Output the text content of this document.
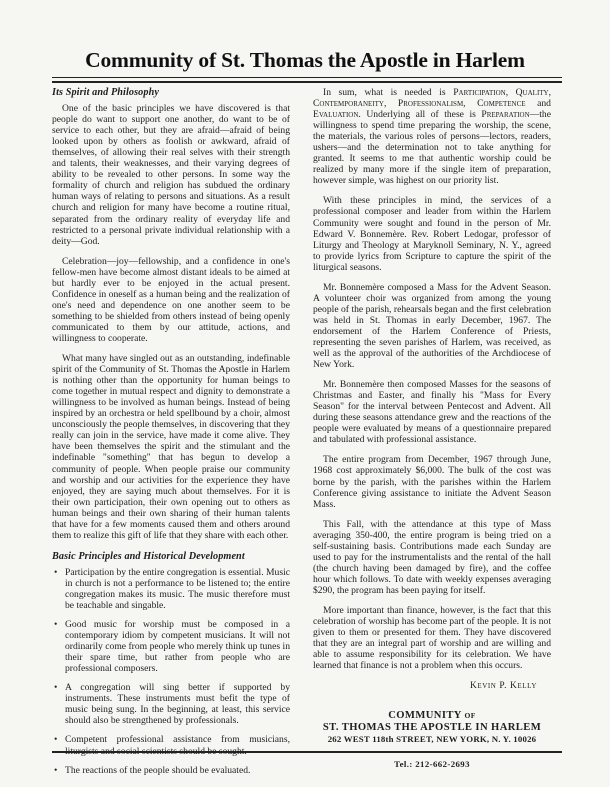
Community of St. Thomas the Apostle in Harlem
Its Spirit and Philosophy

One of the basic principles we have discovered is that people do want to support one another, do want to be of service to each other, but they are afraid—afraid of being looked upon by others as foolish or awkward, afraid of themselves, of allowing their real selves with their strength and talents, their weaknesses, and their varying degrees of ability to be revealed to other persons. In some way the formality of church and religion has subdued the ordinary human ways of relating to persons and situations. As a result church and religion for many have become a routine ritual, separated from the ordinary reality of everyday life and restricted to a personal private individual relationship with a deity—God.

Celebration—joy—fellowship, and a confidence in one's fellow-men have become almost distant ideals to be aimed at but hardly ever to be enjoyed in the actual present. Confidence in oneself as a human being and the realization of one's need and dependence on one another seem to be something to be shielded from others instead of being openly communicated to them by our attitude, actions, and willingness to cooperate.

What many have singled out as an outstanding, indefinable spirit of the Community of St. Thomas the Apostle in Harlem is nothing other than the opportunity for human beings to come together in mutual respect and dignity to demonstrate a willingness to be involved as human beings. Instead of being inspired by an orchestra or held spellbound by a choir, almost unconsciously the people themselves, in discovering that they really can join in the service, have made it come alive. They have been themselves the spirit and the stimulant and the indefinable "something" that has begun to develop a community of people. When people praise our community and worship and our activities for the experience they have enjoyed, they are saying much about themselves. For it is their own participation, their own opening out to others as human beings and their own sharing of their human talents that have for a few moments caused them and others around them to realize this gift of life that they share with each other.

Basic Principles and Historical Development
• Participation by the entire congregation is essential. Music in church is not a performance to be listened to; the entire congregation makes its music. The music therefore must be teachable and singable.
• Good music for worship must be composed in a contemporary idiom by competent musicians. It will not ordinarily come from people who merely think up tunes in their spare time, but rather from people who are professional composers.
• A congregation will sing better if supported by instruments. These instruments must befit the type of music being sung. In the beginning, at least, this service should also be strengthened by professionals.
• Competent professional assistance from musicians, liturgists and social scientists should be sought.
• The reactions of the people should be evaluated.

In sum, what is needed is Participation, Quality, Contemporaneity, Professionalism, Competence and Evaluation. Underlying all of these is Preparation—the willingness to spend time preparing the worship, the scene, the materials, the various roles of persons—lectors, readers, ushers—and the determination not to take anything for granted. It seems to me that authentic worship could be realized by many more if the single item of preparation, however simple, was highest on our priority list.

With these principles in mind, the services of a professional composer and leader from within the Harlem Community were sought and found in the person of Mr. Edward V. Bonnemère. Rev. Robert Ledogar, professor of Liturgy and Theology at Maryknoll Seminary, N. Y., agreed to provide lyrics from Scripture to capture the spirit of the liturgical seasons.

Mr. Bonnemère composed a Mass for the Advent Season. A volunteer choir was organized from among the young people of the parish, rehearsals began and the first celebration was held in St. Thomas in early December, 1967. The endorsement of the Harlem Conference of Priests, representing the seven parishes of Harlem, was received, as well as the approval of the authorities of the Archdiocese of New York.

Mr. Bonnemère then composed Masses for the seasons of Christmas and Easter, and finally his "Mass for Every Season" for the interval between Pentecost and Advent. All during these seasons attendance grew and the reactions of the people were evaluated by means of a questionnaire prepared and tabulated with professional assistance.

The entire program from December, 1967 through June, 1968 cost approximately $6,000. The bulk of the cost was borne by the parish, with the parishes within the Harlem Conference giving assistance to initiate the Advent Season Mass.

This Fall, with the attendance at this type of Mass averaging 350-400, the entire program is being tried on a self-sustaining basis. Contributions made each Sunday are used to pay for the instrumentalists and the rental of the hall (the church having been damaged by fire), and the coffee hour which follows. To date with weekly expenses averaging $290, the program has been paying for itself.

More important than finance, however, is the fact that this celebration of worship has become part of the people. It is not given to them or presented for them. They have discovered that they are an integral part of worship and are willing and able to assume responsibility for its celebration. We have learned that finance is not a problem when this occurs.

Kevin P. Kelly
COMMUNITY OF
ST. THOMAS THE APOSTLE IN HARLEM
262 WEST 118th STREET, NEW YORK, N. Y. 10026
Tel.: 212-662-2693
